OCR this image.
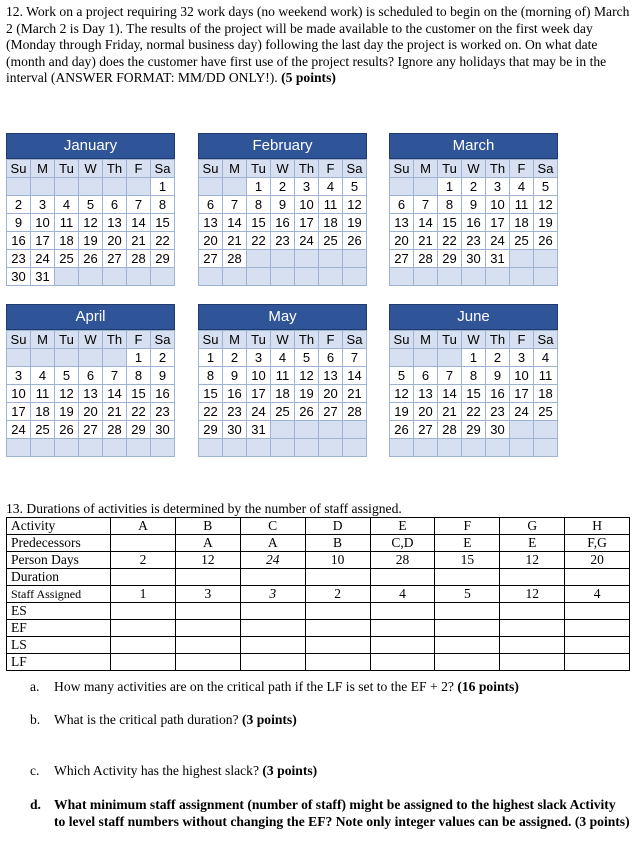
12. Work on a project requiring 32 work days (no weekend work) is scheduled to begin on the (morning of) March 2 (March 2 is Day 1). The results of the project will be made available to the customer on the first week day (Monday through Friday, normal business day) following the last day the project is worked on. On what date (month and day) does the customer have first use of the project results? Ignore any holidays that may be in the interval (ANSWER FORMAT: MM/DD ONLY!). (5 points)
January
Su	M	Tu	W	Th	F	Sa
						1
2	3	4	5	6	7	8
9	10	11	12	13	14	15
16	17	18	19	20	21	22
23	24	25	26	27	28	29
30	31					
February
Su	M	Tu	W	Th	F	Sa
		1	2	3	4	5
6	7	8	9	10	11	12
13	14	15	16	17	18	19
20	21	22	23	24	25	26
27	28					

March
Su	M	Tu	W	Th	F	Sa
		1	2	3	4	5
6	7	8	9	10	11	12
13	14	15	16	17	18	19
20	21	22	23	24	25	26
27	28	29	30	31		

April
Su	M	Tu	W	Th	F	Sa
					1	2
3	4	5	6	7	8	9
10	11	12	13	14	15	16
17	18	19	20	21	22	23
24	25	26	27	28	29	30

May
Su	M	Tu	W	Th	F	Sa
1	2	3	4	5	6	7
8	9	10	11	12	13	14
15	16	17	18	19	20	21
22	23	24	25	26	27	28
29	30	31				

June
Su	M	Tu	W	Th	F	Sa
			1	2	3	4
5	6	7	8	9	10	11
12	13	14	15	16	17	18
19	20	21	22	23	24	25
26	27	28	29	30		

13. Durations of activities is determined by the number of staff assigned.
Activity	A	B	C	D	E	F	G	H
Predecessors		A	A	B	C,D	E	E	F,G
Person Days	2	12	24	10	28	15	12	20
Duration								
Staff Assigned	1	3	3	2	4	5	12	4
ES								
EF								
LS								
LF								
a. How many activities are on the critical path if the LF is set to the EF + 2? (16 points)
b. What is the critical path duration? (3 points)
c. Which Activity has the highest slack? (3 points)
d. What minimum staff assignment (number of staff) might be assigned to the highest slack Activity to level staff numbers without changing the EF? Note only integer values can be assigned. (3 points)
